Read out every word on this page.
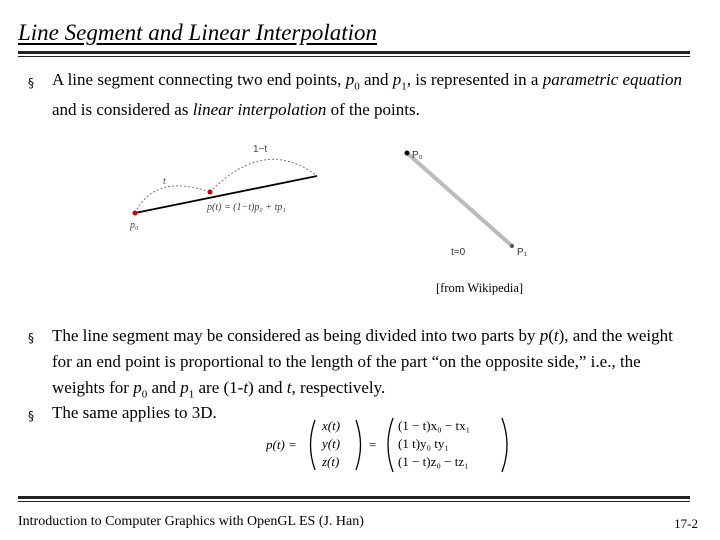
Line Segment and Linear Interpolation
§ A line segment connecting two end points, $p_0$ and $p_1$, is represented in a parametric equation and is considered as linear interpolation of the points.
1−t
t
p₀
p(t) = (1−t)p₀ + tp₁
P₀
P₁
t=0
[from Wikipedia]
§ The line segment may be considered as being divided into two parts by p(t), and the weight for an end point is proportional to the length of the part “on the opposite side,” i.e., the weights for $p_0$ and $p_1$ are (1-t) and t, respectively.
§ The same applies to 3D.
p(t) =
x(t)
y(t)
z(t)
=
(1 − t)x₀ − tx₁
(1 t)y₀ ty₁
(1 − t)z₀ − tz₁
Introduction to Computer Graphics with OpenGL ES (J. Han)	17-2
